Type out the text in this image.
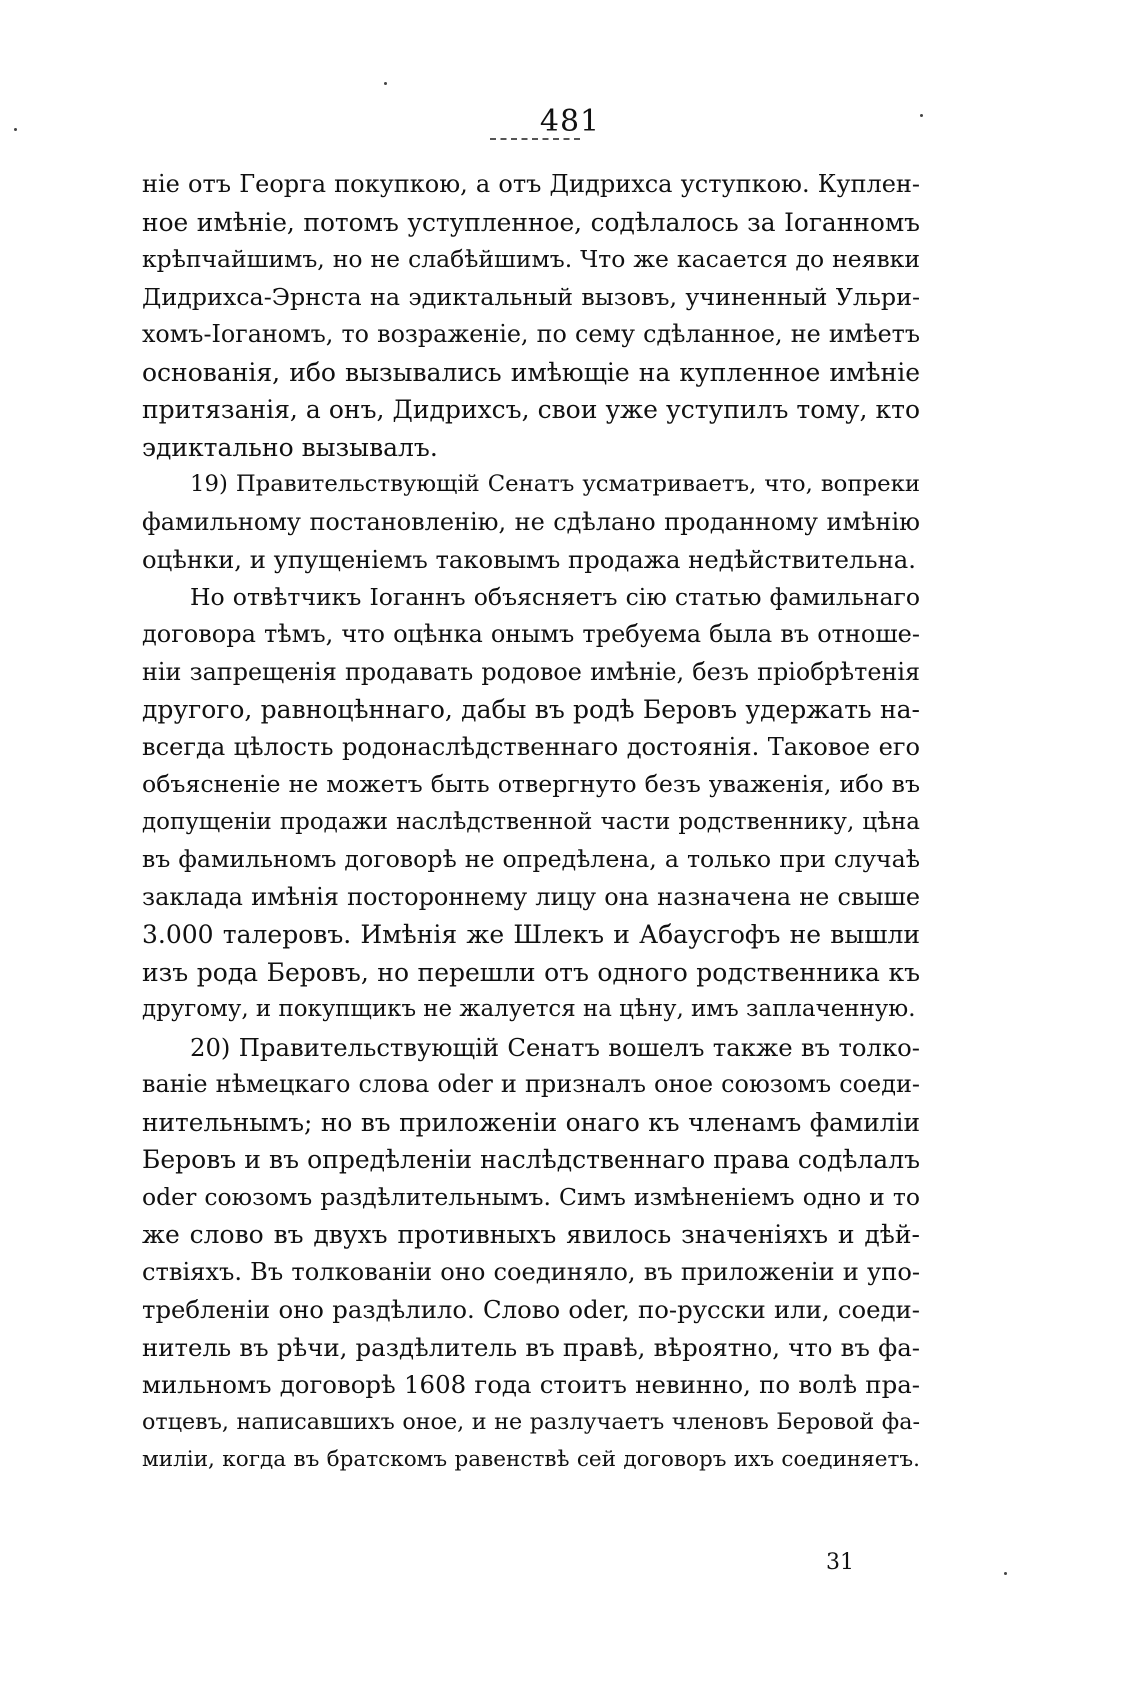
481
ніе отъ Георга покупкою, а отъ Дидрихса уступкою. Куплен-
ное имѣніе, потомъ уступленное, содѣлалось за Іоганномъ
крѣпчайшимъ, но не слабѣйшимъ. Что же касается до неявки
Дидрихса-Эрнста на эдиктальный вызовъ, учиненный Ульри-
хомъ-Іоганомъ, то возраженіе, по сему сдѣланное, не имѣетъ
основанія, ибо вызывались имѣющіе на купленное имѣніе
притязанія, а онъ, Дидрихсъ, свои уже уступилъ тому, кто
эдиктально вызывалъ.
19) Правительствующій Сенатъ усматриваетъ, что, вопреки
фамильному постановленію, не сдѣлано проданному имѣнію
оцѣнки, и упущеніемъ таковымъ продажа недѣйствительна.
Но отвѣтчикъ Іоганнъ объясняетъ сію статью фамильнаго
договора тѣмъ, что оцѣнка онымъ требуема была въ отноше-
ніи запрещенія продавать родовое имѣніе, безъ пріобрѣтенія
другого, равноцѣннаго, дабы въ родѣ Беровъ удержать на-
всегда цѣлость родонаслѣдственнаго достоянія. Таковое его
объясненіе не можетъ быть отвергнуто безъ уваженія, ибо въ
допущеніи продажи наслѣдственной части родственнику, цѣна
въ фамильномъ договорѣ не опредѣлена, а только при случаѣ
заклада имѣнія постороннему лицу она назначена не свыше
3.000 талеровъ. Имѣнія же Шлекъ и Абаусгофъ не вышли
изъ рода Беровъ, но перешли отъ одного родственника къ
другому, и покупщикъ не жалуется на цѣну, имъ заплаченную.
20) Правительствующій Сенатъ вошелъ также въ толко-
ваніе нѣмецкаго слова oder и призналъ оное союзомъ соеди-
нительнымъ; но въ приложеніи онаго къ членамъ фамиліи
Беровъ и въ опредѣленіи наслѣдственнаго права содѣлалъ
oder союзомъ раздѣлительнымъ. Симъ измѣненіемъ одно и то
же слово въ двухъ противныхъ явилось значеніяхъ и дѣй-
ствіяхъ. Въ толкованіи оно соединяло, въ приложеніи и упо-
требленіи оно раздѣлило. Слово oder, по-русски или, соеди-
нитель въ рѣчи, раздѣлитель въ правѣ, вѣроятно, что въ фа-
мильномъ договорѣ 1608 года стоитъ невинно, по волѣ пра-
отцевъ, написавшихъ оное, и не разлучаетъ членовъ Беровой фа-
миліи, когда въ братскомъ равенствѣ сей договоръ ихъ соединяетъ.
31
